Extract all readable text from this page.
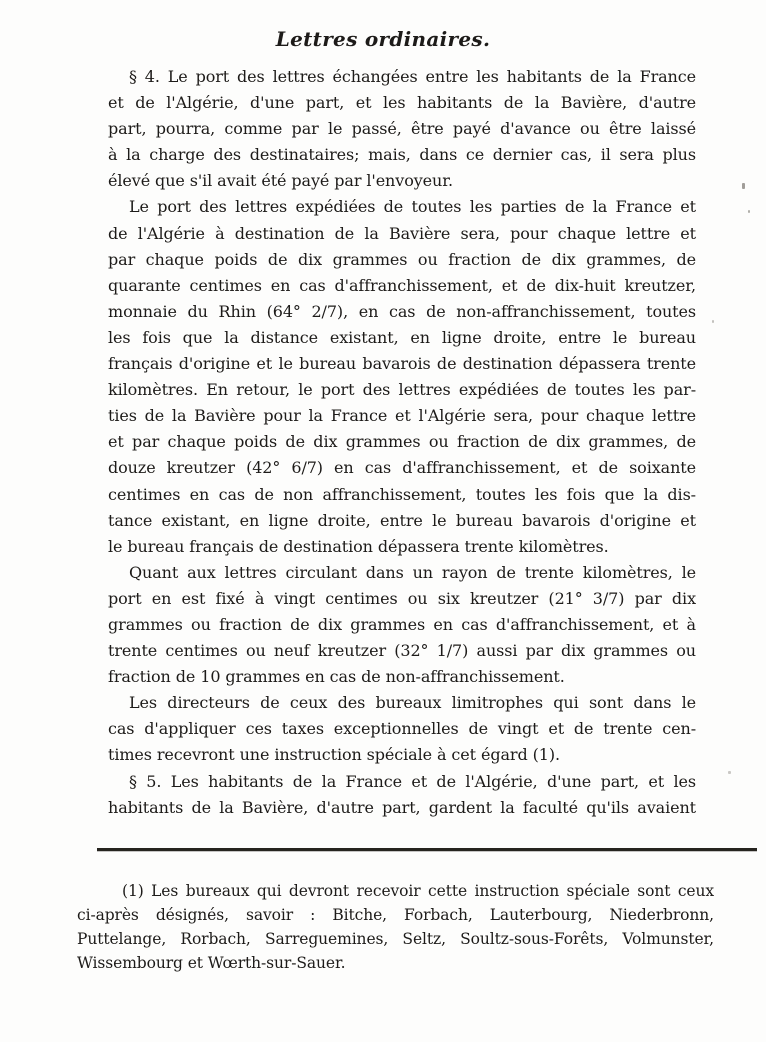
Lettres ordinaires.
§ 4. Le port des lettres échangées entre les habitants de la France
et de l'Algérie, d'une part, et les habitants de la Bavière, d'autre
part, pourra, comme par le passé, être payé d'avance ou être laissé
à la charge des destinataires; mais, dans ce dernier cas, il sera plus
élevé que s'il avait été payé par l'envoyeur.
Le port des lettres expédiées de toutes les parties de la France et
de l'Algérie à destination de la Bavière sera, pour chaque lettre et
par chaque poids de dix grammes ou fraction de dix grammes, de
quarante centimes en cas d'affranchissement, et de dix-huit kreutzer,
monnaie du Rhin (64° 2/7), en cas de non-affranchissement, toutes
les fois que la distance existant, en ligne droite, entre le bureau
français d'origine et le bureau bavarois de destination dépassera trente
kilomètres. En retour, le port des lettres expédiées de toutes les par-
ties de la Bavière pour la France et l'Algérie sera, pour chaque lettre
et par chaque poids de dix grammes ou fraction de dix grammes, de
douze kreutzer (42° 6/7) en cas d'affranchissement, et de soixante
centimes en cas de non affranchissement, toutes les fois que la dis-
tance existant, en ligne droite, entre le bureau bavarois d'origine et
le bureau français de destination dépassera trente kilomètres.
Quant aux lettres circulant dans un rayon de trente kilomètres, le
port en est fixé à vingt centimes ou six kreutzer (21° 3/7) par dix
grammes ou fraction de dix grammes en cas d'affranchissement, et à
trente centimes ou neuf kreutzer (32° 1/7) aussi par dix grammes ou
fraction de 10 grammes en cas de non-affranchissement.
Les directeurs de ceux des bureaux limitrophes qui sont dans le
cas d'appliquer ces taxes exceptionnelles de vingt et de trente cen-
times recevront une instruction spéciale à cet égard (1).
§ 5. Les habitants de la France et de l'Algérie, d'une part, et les
habitants de la Bavière, d'autre part, gardent la faculté qu'ils avaient
(1) Les bureaux qui devront recevoir cette instruction spéciale sont ceux
ci-après désignés, savoir : Bitche, Forbach, Lauterbourg, Niederbronn,
Puttelange, Rorbach, Sarreguemines, Seltz, Soultz-sous-Forêts, Volmunster,
Wissembourg et Wœrth-sur-Sauer.
